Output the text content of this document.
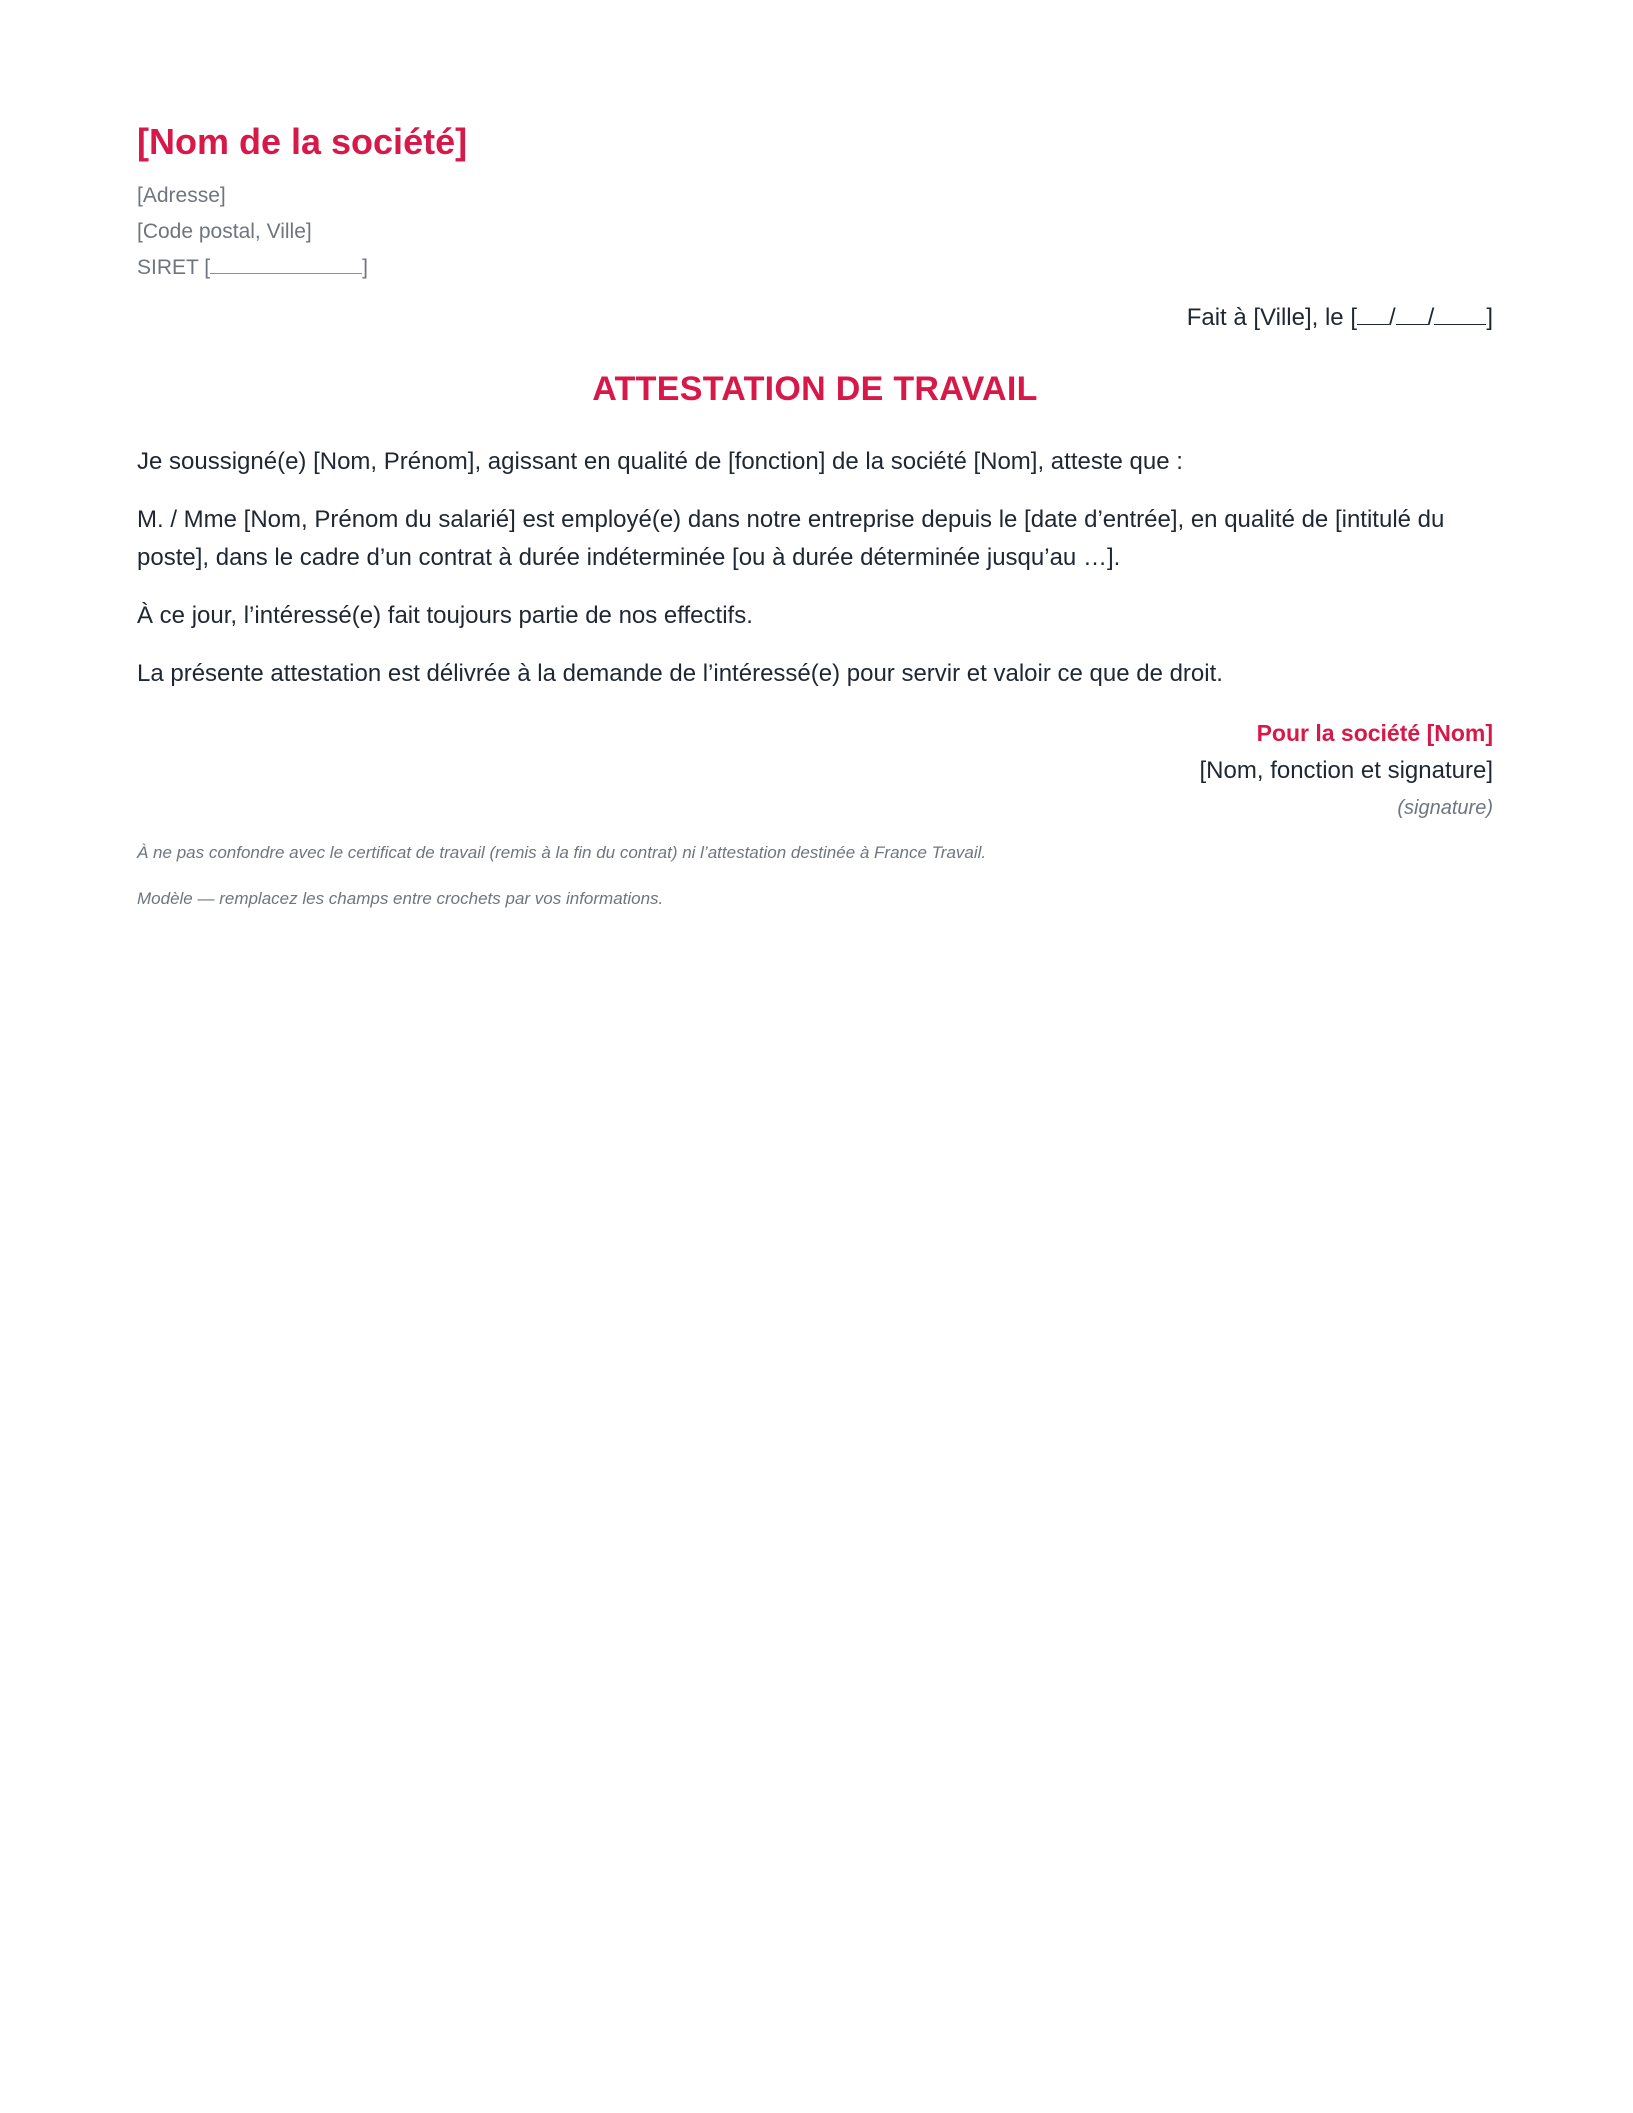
[Nom de la société]
[Adresse]
[Code postal, Ville]
SIRET [	]
Fait à [Ville], le [ / / ]
ATTESTATION DE TRAVAIL

Je soussigné(e) [Nom, Prénom], agissant en qualité de [fonction] de la société [Nom], atteste que :

M. / Mme [Nom, Prénom du salarié] est employé(e) dans notre entreprise depuis le [date d’entrée], en qualité de [intitulé du poste], dans le cadre d’un contrat à durée indéterminée [ou à durée déterminée jusqu’au …].

À ce jour, l’intéressé(e) fait toujours partie de nos effectifs.

La présente attestation est délivrée à la demande de l’intéressé(e) pour servir et valoir ce que de droit.

Pour la société [Nom]
[Nom, fonction et signature]
(signature)
À ne pas confondre avec le certificat de travail (remis à la fin du contrat) ni l’attestation destinée à France Travail.
Modèle — remplacez les champs entre crochets par vos informations.
